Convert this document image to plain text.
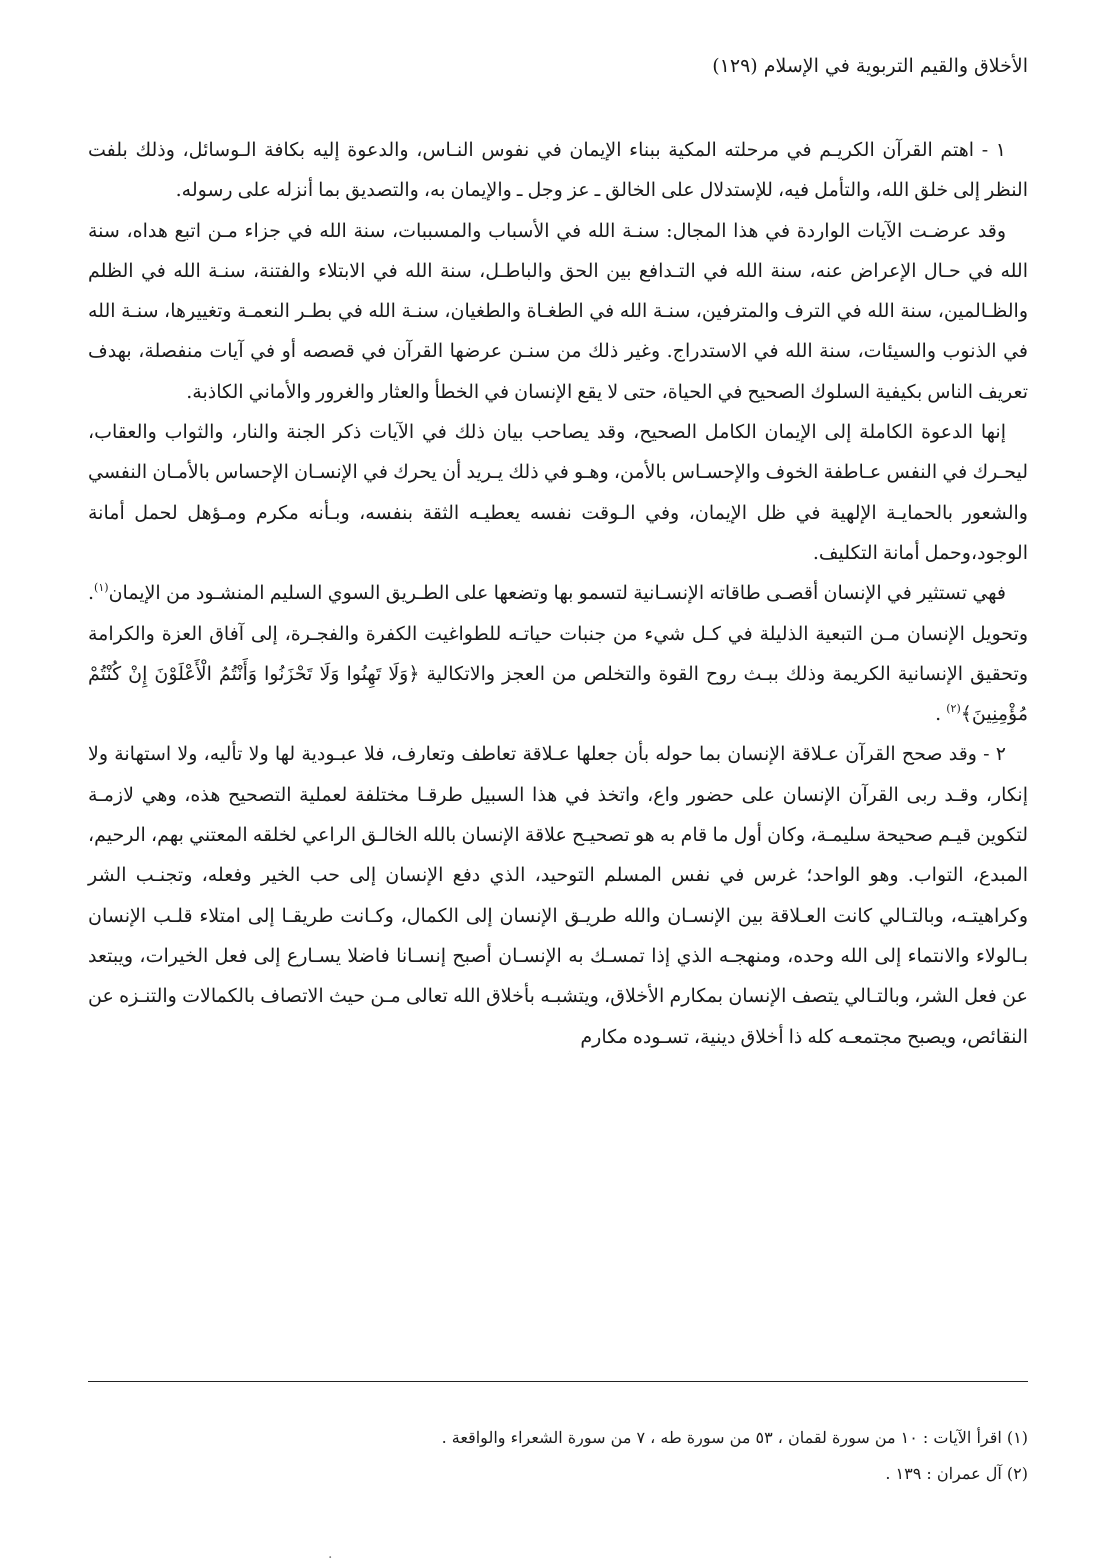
الأخلاق والقيم التربوية في الإسلام (١٢٩)

١ - اهتم القرآن الكريـم في مرحلته المكية ببناء الإيمان في نفوس النـاس، والدعوة إليه بكافة الـوسائل، وذلك بلفت النظر إلى خلق الله، والتأمل فيه، للإستدلال على الخالق ـ عز وجل ـ والإيمان به، والتصديق بما أنزله على رسوله.

وقد عرضـت الآيات الواردة في هذا المجال: سنـة الله في الأسباب والمسببات، سنة الله في جزاء مـن اتبع هداه، سنة الله في حـال الإعراض عنه، سنة الله في التـدافع بين الحق والباطـل، سنة الله في الابتلاء والفتنة، سنـة الله في الظلم والظـالمين، سنة الله في الترف والمترفين، سنـة الله في الطغـاة والطغيان، سنـة الله في بطـر النعمـة وتغييرها، سنـة الله في الذنوب والسيئات، سنة الله في الاستدراج. وغير ذلك من سنـن عرضها القرآن في قصصه أو في آيات منفصلة، بهدف تعريف الناس بكيفية السلوك الصحيح في الحياة، حتى لا يقع الإنسان في الخطأ والعثار والغرور والأماني الكاذبة.

إنها الدعوة الكاملة إلى الإيمان الكامل الصحيح، وقد يصاحب بيان ذلك في الآيات ذكر الجنة والنار، والثواب والعقاب، ليحـرك في النفس عـاطفة الخوف والإحسـاس بالأمن، وهـو في ذلك يـريد أن يحرك في الإنسـان الإحساس بالأمـان النفسي والشعور بالحمايـة الإلهية في ظل الإيمان، وفي الـوقت نفسه يعطيـه الثقة بنفسه، وبـأنه مكرم ومـؤهل لحمل أمانة الوجود،وحمل أمانة التكليف.

فهي تستثير في الإنسان أقصـى طاقاته الإنسـانية لتسمو بها وتضعها على الطـريق السوي السليم المنشـود من الإيمان$^{(١)}$. وتحويل الإنسان مـن التبعية الذليلة في كـل شيء من جنبات حياتـه للطواغيت الكفرة والفجـرة، إلى آفاق العزة والكرامة وتحقيق الإنسانية الكريمة وذلك ببـث روح القوة والتخلص من العجز والاتكالية ﴿وَلَا تَهِنُوا وَلَا تَحْزَنُوا وَأَنْتُمُ الْأَعْلَوْنَ إِنْ كُنْتُمْ مُؤْمِنِينَ﴾$^{(٢)}$ .

٢ - وقد صحح القرآن عـلاقة الإنسان بما حوله بأن جعلها عـلاقة تعاطف وتعارف، فلا عبـودية لها ولا تأليه، ولا استهانة ولا إنكار، وقـد ربى القرآن الإنسان على حضور واع، واتخذ في هذا السبيل طرقـا مختلفة لعملية التصحيح هذه، وهي لازمـة لتكوين قيـم صحيحة سليمـة، وكان أول ما قام به هو تصحيـح علاقة الإنسان بالله الخالـق الراعي لخلقه المعتني بهم، الرحيم، المبدع، التواب. وهو الواحد؛ غرس في نفس المسلم التوحيد، الذي دفع الإنسان إلى حب الخير وفعله، وتجنـب الشر وكراهيتـه، وبالتـالي كانت العـلاقة بين الإنسـان والله طريـق الإنسان إلى الكمال، وكـانت طريقـا إلى امتلاء قلـب الإنسان بـالولاء والانتماء إلى الله وحده، ومنهجـه الذي إذا تمسـك به الإنسـان أصبح إنسـانا فاضلا يسـارع إلى فعل الخيرات، ويبتعد عن فعل الشر، وبالتـالي يتصف الإنسان بمكارم الأخلاق، ويتشبـه بأخلاق الله تعالى مـن حيث الاتصاف بالكمالات والتنـزه عن النقائص، ويصبح مجتمعـه كله ذا أخلاق دينية، تسـوده مكارم

(١) اقرأ الآيات : ١٠ من سورة لقمان ، ٥٣ من سورة طه ، ٧ من سورة الشعراء والواقعة .
(٢) آل عمران : ١٣٩ .
·
